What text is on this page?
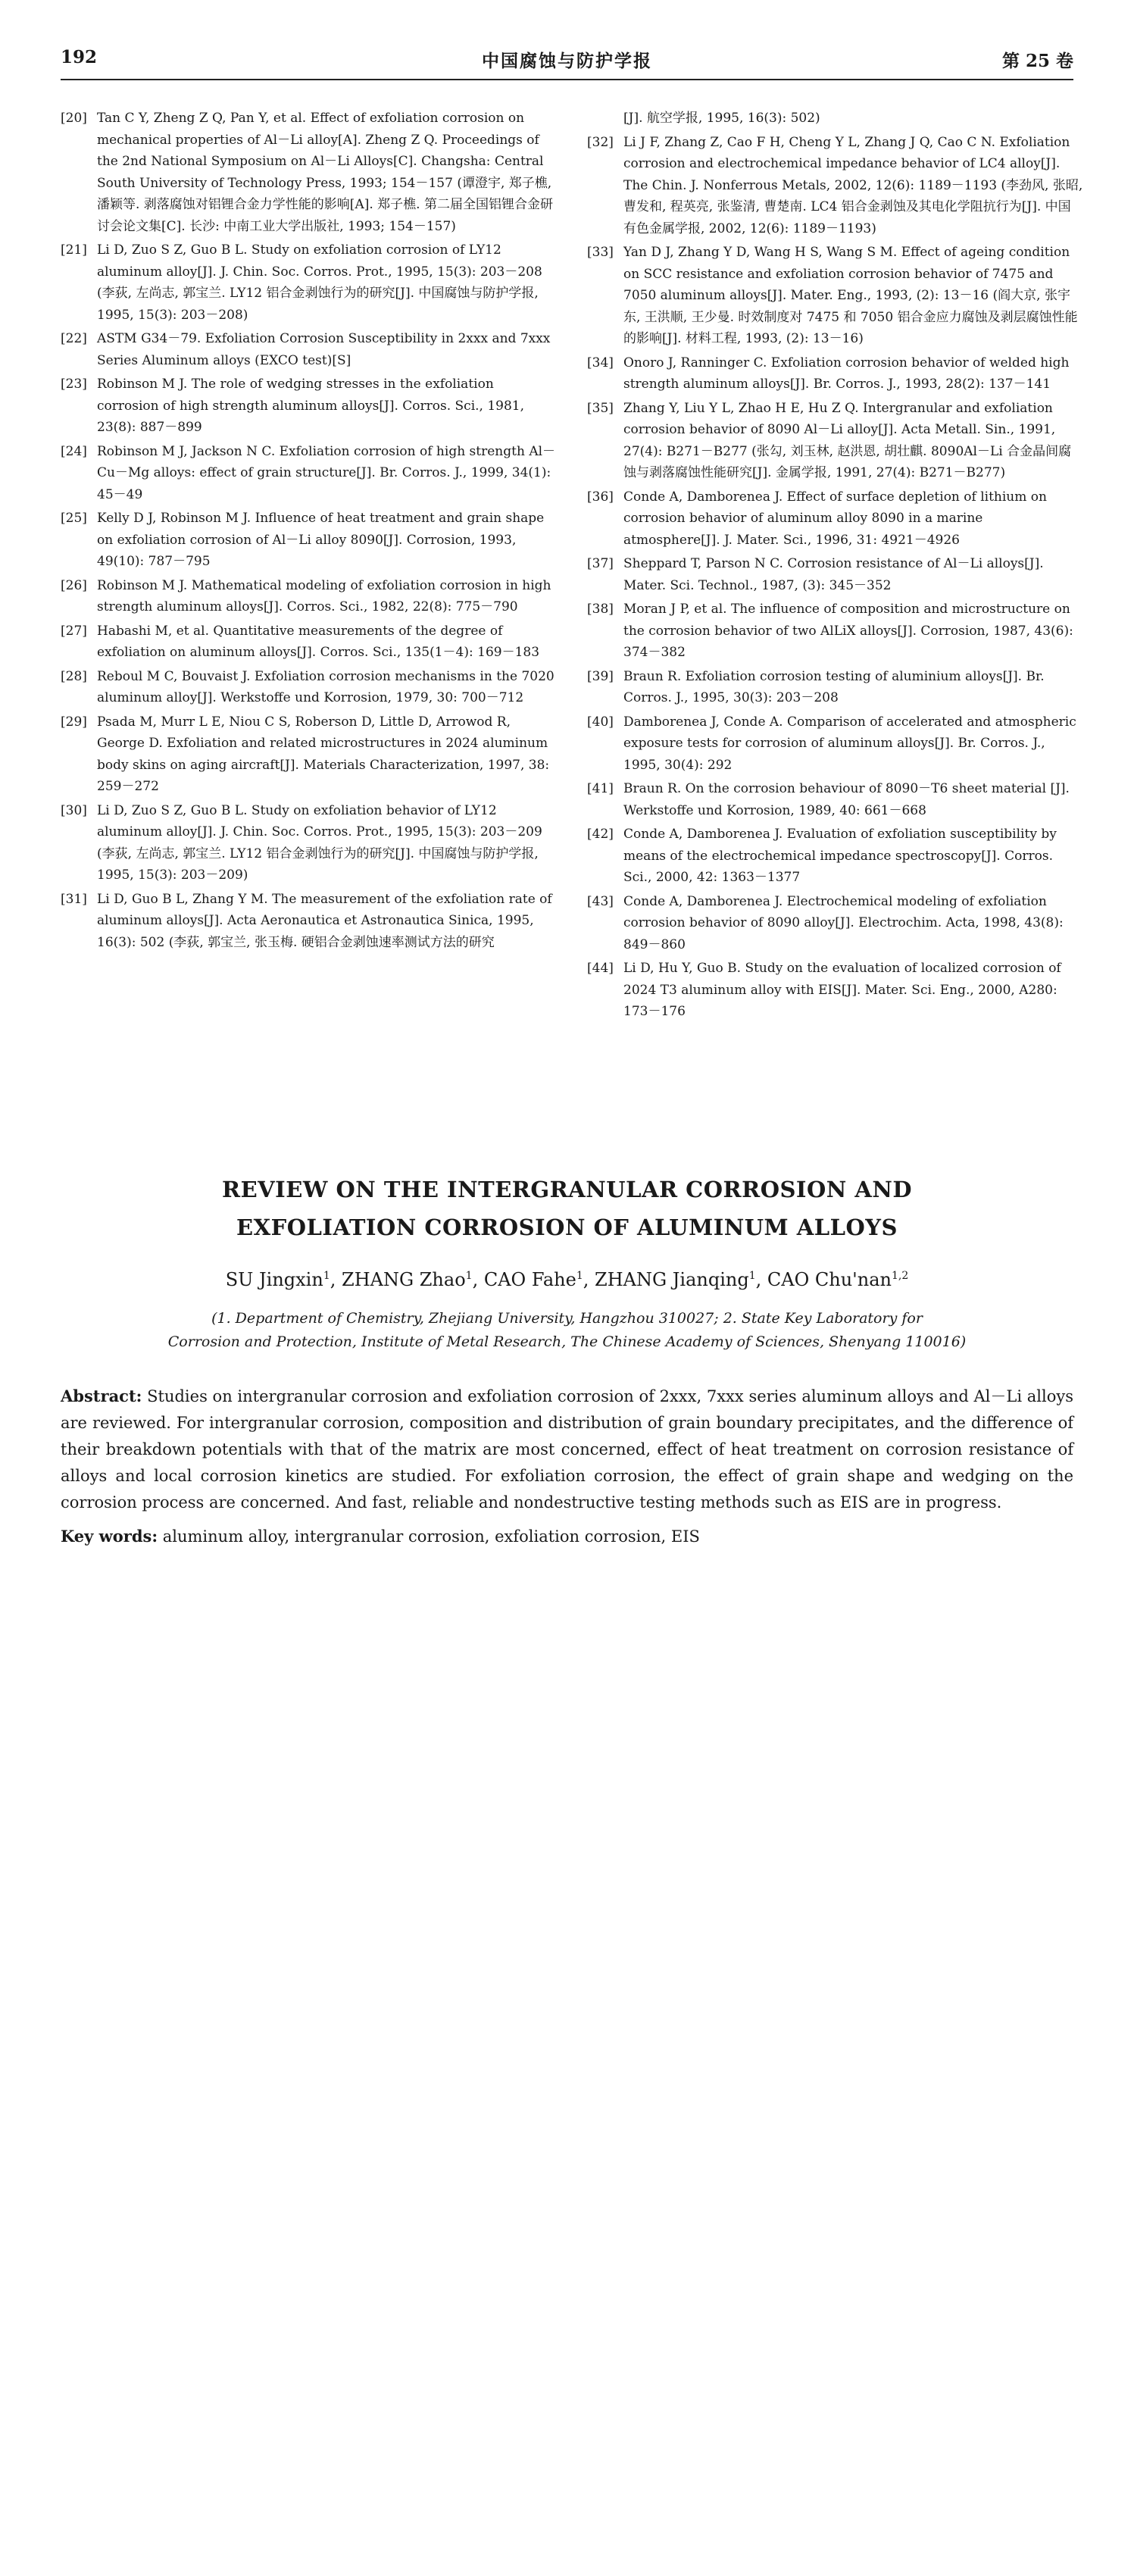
192	中国腐蚀与防护学报	第 25 卷
[20] Tan C Y, Zheng Z Q, Pan Y, et al. Effect of exfoliation corrosion on mechanical properties of Al－Li alloy[A]. Zheng Z Q. Proceedings of the 2nd National Symposium on Al－Li Alloys[C]. Changsha: Central South University of Technology Press, 1993; 154－157 (谭澄宇, 郑子樵, 潘颖等. 剥落腐蚀对铝锂合金力学性能的影响[A]. 郑子樵. 第二届全国铝锂合金研讨会论文集[C]. 长沙: 中南工业大学出版社, 1993; 154－157)
[21] Li D, Zuo S Z, Guo B L. Study on exfoliation corrosion of LY12 aluminum alloy[J]. J. Chin. Soc. Corros. Prot., 1995, 15(3): 203－208 (李荻, 左尚志, 郭宝兰. LY12 铝合金剥蚀行为的研究[J]. 中国腐蚀与防护学报, 1995, 15(3): 203－208)
[22] ASTM G34－79. Exfoliation Corrosion Susceptibility in 2xxx and 7xxx Series Aluminum alloys (EXCO test)[S]
[23] Robinson M J. The role of wedging stresses in the exfoliation corrosion of high strength aluminum alloys[J]. Corros. Sci., 1981, 23(8): 887－899
[24] Robinson M J, Jackson N C. Exfoliation corrosion of high strength Al－Cu－Mg alloys: effect of grain structure[J]. Br. Corros. J., 1999, 34(1): 45－49
[25] Kelly D J, Robinson M J. Influence of heat treatment and grain shape on exfoliation corrosion of Al－Li alloy 8090[J]. Corrosion, 1993, 49(10): 787－795
[26] Robinson M J. Mathematical modeling of exfoliation corrosion in high strength aluminum alloys[J]. Corros. Sci., 1982, 22(8): 775－790
[27] Habashi M, et al. Quantitative measurements of the degree of exfoliation on aluminum alloys[J]. Corros. Sci., 135(1－4): 169－183
[28] Reboul M C, Bouvaist J. Exfoliation corrosion mechanisms in the 7020 aluminum alloy[J]. Werkstoffe und Korrosion, 1979, 30: 700－712
[29] Psada M, Murr L E, Niou C S, Roberson D, Little D, Arrowod R, George D. Exfoliation and related microstructures in 2024 aluminum body skins on aging aircraft[J]. Materials Characterization, 1997, 38: 259－272
[30] Li D, Zuo S Z, Guo B L. Study on exfoliation behavior of LY12 aluminum alloy[J]. J. Chin. Soc. Corros. Prot., 1995, 15(3): 203－209 (李荻, 左尚志, 郭宝兰. LY12 铝合金剥蚀行为的研究[J]. 中国腐蚀与防护学报, 1995, 15(3): 203－209)
[31] Li D, Guo B L, Zhang Y M. The measurement of the exfoliation rate of aluminum alloys[J]. Acta Aeronautica et Astronautica Sinica, 1995, 16(3): 502 (李荻, 郭宝兰, 张玉梅. 硬铝合金剥蚀速率测试方法的研究
[J]. 航空学报, 1995, 16(3): 502)
[32] Li J F, Zhang Z, Cao F H, Cheng Y L, Zhang J Q, Cao C N. Exfoliation corrosion and electrochemical impedance behavior of LC4 alloy[J]. The Chin. J. Nonferrous Metals, 2002, 12(6): 1189－1193 (李劲风, 张昭, 曹发和, 程英亮, 张鉴清, 曹楚南. LC4 铝合金剥蚀及其电化学阻抗行为[J]. 中国有色金属学报, 2002, 12(6): 1189－1193)
[33] Yan D J, Zhang Y D, Wang H S, Wang S M. Effect of ageing condition on SCC resistance and exfoliation corrosion behavior of 7475 and 7050 aluminum alloys[J]. Mater. Eng., 1993, (2): 13－16 (阎大京, 张宇东, 王洪顺, 王少曼. 时效制度对 7475 和 7050 铝合金应力腐蚀及剥层腐蚀性能的影响[J]. 材料工程, 1993, (2): 13－16)
[34] Onoro J, Ranninger C. Exfoliation corrosion behavior of welded high strength aluminum alloys[J]. Br. Corros. J., 1993, 28(2): 137－141
[35] Zhang Y, Liu Y L, Zhao H E, Hu Z Q. Intergranular and exfoliation corrosion behavior of 8090 Al－Li alloy[J]. Acta Metall. Sin., 1991, 27(4): B271－B277 (张勾, 刘玉林, 赵洪恩, 胡壮麒. 8090Al－Li 合金晶间腐蚀与剥落腐蚀性能研究[J]. 金属学报, 1991, 27(4): B271－B277)
[36] Conde A, Damborenea J. Effect of surface depletion of lithium on corrosion behavior of aluminum alloy 8090 in a marine atmosphere[J]. J. Mater. Sci., 1996, 31: 4921－4926
[37] Sheppard T, Parson N C. Corrosion resistance of Al－Li alloys[J]. Mater. Sci. Technol., 1987, (3): 345－352
[38] Moran J P, et al. The influence of composition and microstructure on the corrosion behavior of two AlLiX alloys[J]. Corrosion, 1987, 43(6): 374－382
[39] Braun R. Exfoliation corrosion testing of aluminium alloys[J]. Br. Corros. J., 1995, 30(3): 203－208
[40] Damborenea J, Conde A. Comparison of accelerated and atmospheric exposure tests for corrosion of aluminum alloys[J]. Br. Corros. J., 1995, 30(4): 292
[41] Braun R. On the corrosion behaviour of 8090－T6 sheet material [J]. Werkstoffe und Korrosion, 1989, 40: 661－668
[42] Conde A, Damborenea J. Evaluation of exfoliation susceptibility by means of the electrochemical impedance spectroscopy[J]. Corros. Sci., 2000, 42: 1363－1377
[43] Conde A, Damborenea J. Electrochemical modeling of exfoliation corrosion behavior of 8090 alloy[J]. Electrochim. Acta, 1998, 43(8): 849－860
[44] Li D, Hu Y, Guo B. Study on the evaluation of localized corrosion of 2024 T3 aluminum alloy with EIS[J]. Mater. Sci. Eng., 2000, A280: 173－176
REVIEW ON THE INTERGRANULAR CORROSION AND
EXFOLIATION CORROSION OF ALUMINUM ALLOYS
SU Jingxin$^1$, ZHANG Zhao$^1$, CAO Fahe$^1$, ZHANG Jianqing$^1$, CAO Chu'nan$^{1,2}$
(1. Department of Chemistry, Zhejiang University, Hangzhou 310027; 2. State Key Laboratory for
Corrosion and Protection, Institute of Metal Research, The Chinese Academy of Sciences, Shenyang 110016)
Abstract: Studies on intergranular corrosion and exfoliation corrosion of 2xxx, 7xxx series aluminum alloys and Al－Li alloys are reviewed. For intergranular corrosion, composition and distribution of grain boundary precipitates, and the difference of their breakdown potentials with that of the matrix are most concerned, effect of heat treatment on corrosion resistance of alloys and local corrosion kinetics are studied. For exfoliation corrosion, the effect of grain shape and wedging on the corrosion process are concerned. And fast, reliable and nondestructive testing methods such as EIS are in progress.
Key words: aluminum alloy, intergranular corrosion, exfoliation corrosion, EIS
